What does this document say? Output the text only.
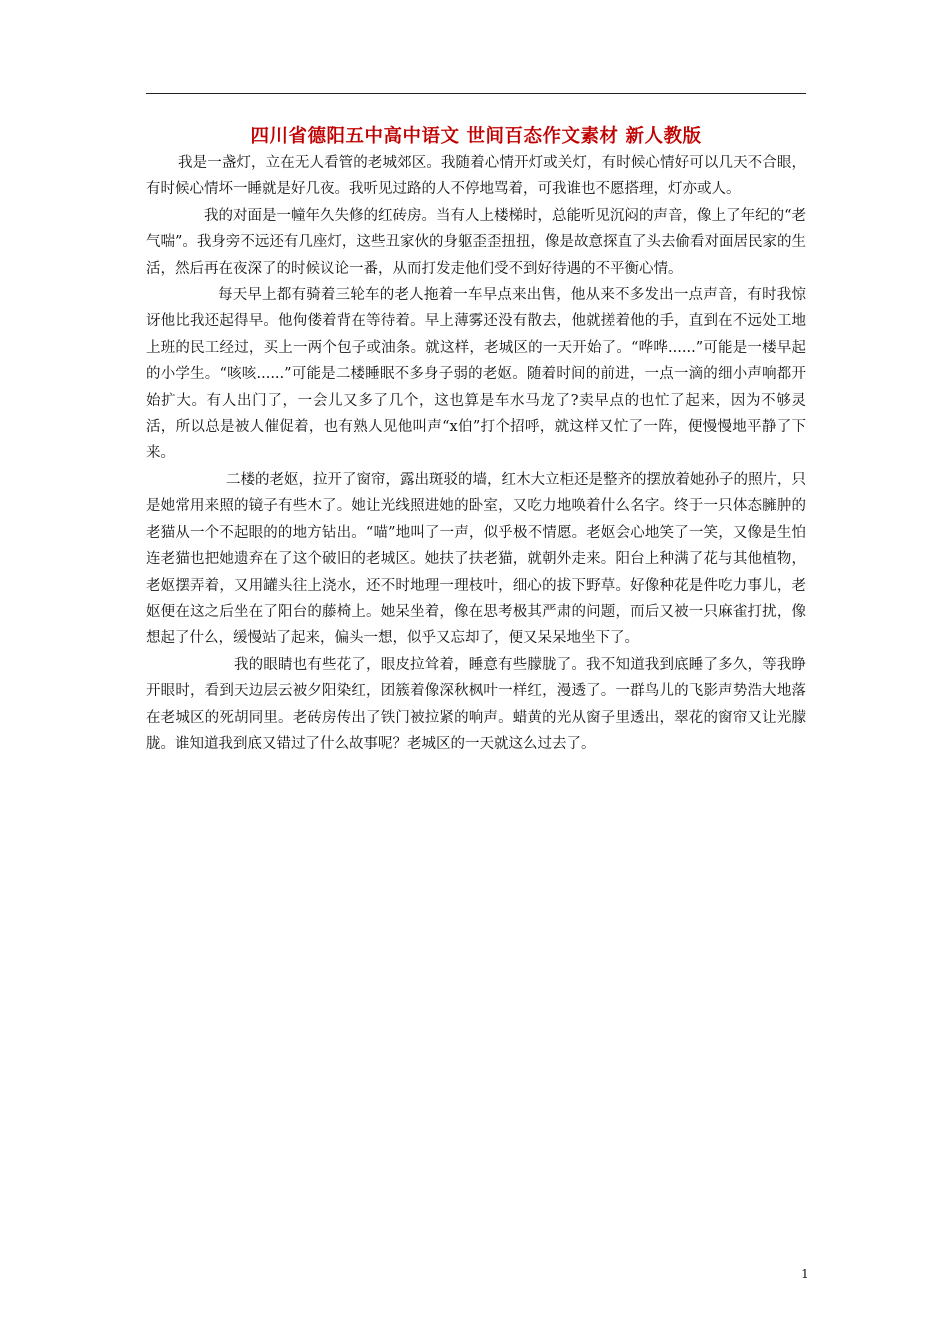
四川省德阳五中高中语文 世间百态作文素材 新人教版

我是一盏灯，立在无人看管的老城郊区。我随着心情开灯或关灯，有时候心情好可以几天不合眼，有时候心情坏一睡就是好几夜。我听见过路的人不停地骂着，可我谁也不愿搭理，灯亦或人。

我的对面是一幢年久失修的红砖房。当有人上楼梯时，总能听见沉闷的声音，像上了年纪的“老气喘”。我身旁不远还有几座灯，这些丑家伙的身躯歪歪扭扭，像是故意探直了头去偷看对面居民家的生活，然后再在夜深了的时候议论一番，从而打发走他们受不到好待遇的不平衡心情。

每天早上都有骑着三轮车的老人拖着一车早点来出售，他从来不多发出一点声音，有时我惊讶他比我还起得早。他佝偻着背在等待着。早上薄雾还没有散去，他就搓着他的手，直到在不远处工地上班的民工经过，买上一两个包子或油条。就这样，老城区的一天开始了。“哗哗......”可能是一楼早起的小学生。“咳咳......”可能是二楼睡眠不多身子弱的老妪。随着时间的前进，一点一滴的细小声响都开始扩大。有人出门了，一会儿又多了几个，这也算是车水马龙了?卖早点的也忙了起来，因为不够灵活，所以总是被人催促着，也有熟人见他叫声“x伯”打个招呼，就这样又忙了一阵，便慢慢地平静了下来。

二楼的老妪，拉开了窗帘，露出斑驳的墙，红木大立柜还是整齐的摆放着她孙子的照片，只是她常用来照的镜子有些木了。她让光线照进她的卧室，又吃力地唤着什么名字。终于一只体态臃肿的老猫从一个不起眼的的地方钻出。“喵”地叫了一声，似乎极不情愿。老妪会心地笑了一笑，又像是生怕连老猫也把她遗弃在了这个破旧的老城区。她扶了扶老猫，就朝外走来。阳台上种满了花与其他植物，老妪摆弄着，又用罐头往上浇水，还不时地理一理枝叶，细心的拔下野草。好像种花是件吃力事儿，老妪便在这之后坐在了阳台的藤椅上。她呆坐着，像在思考极其严肃的问题，而后又被一只麻雀打扰，像想起了什么，缓慢站了起来，偏头一想，似乎又忘却了，便又呆呆地坐下了。

我的眼睛也有些花了，眼皮拉耸着，睡意有些朦胧了。我不知道我到底睡了多久，等我睁开眼时，看到天边层云被夕阳染红，团簇着像深秋枫叶一样红，漫透了。一群鸟儿的飞影声势浩大地落在老城区的死胡同里。老砖房传出了铁门被拉紧的响声。蜡黄的光从窗子里透出，翠花的窗帘又让光朦胧。谁知道我到底又错过了什么故事呢？老城区的一天就这么过去了。

1
